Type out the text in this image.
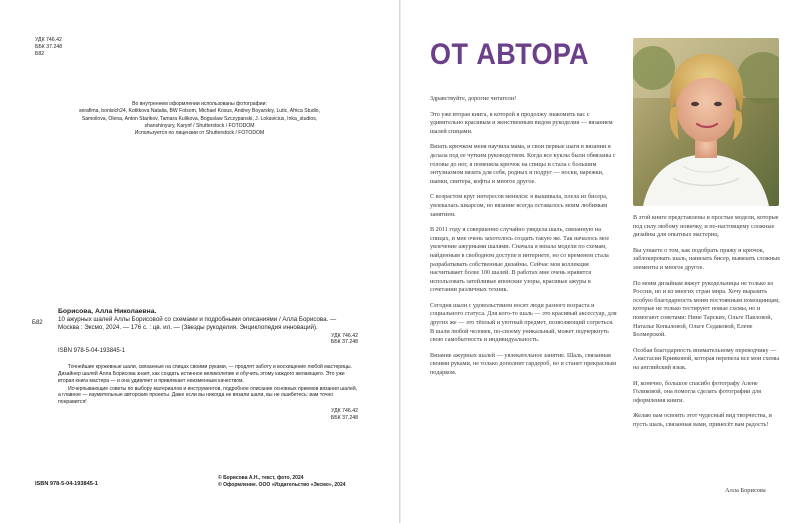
УДК 746.42
ББК 37.248
Б82
Во внутреннем оформлении использованы фотографии:
serafima, bonisich24, Kotitkova Natalia, BW Folsom, Michael Kosus, Andrey Boyarskiy, Lutic, Africa Studio,
Samoilova, Olena, Anton Starikov, Tamara Kulikova, Boguslaw Szczypanski, J. Lokavicius, Inka_studios,
shanshinyury, Karynf / Shutterstock / FOTODOM
Используется по лицензии от Shutterstock / FOTODOM
Б82
Борисова, Алла Николаевна.
10 ажурных шалей Аллы Борисовой со схемами и подробными описаниями / Алла Борисова. — Москва : Эксмо, 2024. — 176 с. : цв. ил. — (Звезды рукоделия. Энциклопедия инноваций).
УДК 746.42
ББК 37.248
ISBN 978-5-04-193845-1
Точнейшие кружевные шали, связанные на спицах своими руками, — продлят заботу и восхищение любой мастерицы. Дизайнер шалей Алла Борисова знает, как создать истинное великолепие и обучить этому каждого желающего. Это уже вторая книга мастера — и она удивляет и привлекает неизменным качеством.
Исчерпывающие советы по выбору материалов и инструментов, подробное описание основных приемов вязания шалей, а главное — изумительные авторские проекты. Даже если вы никогда не вязали шали, вы не ошибетесь: вам точно понравится!
УДК 746.42
ББК 37.248
ISBN 978-5-04-193845-1
© Борисова А.Н., текст, фото, 2024
© Оформление. ООО «Издательство «Эксмо», 2024
ОТ АВТОРА
Здравствуйте, дорогие читатели!
Это уже вторая книга, в которой я продолжу знакомить вас с удивительно красивым и женственным видом рукоделия — вязанием шалей спицами.
Вязать крючком меня научила мама, и свои первые шаги в вязании я делала под ее чутким руководством. Когда все куклы были обвязаны с головы до ног, я поменяла крючок на спицы и стала с большим энтузиазмом вязать для себя, родных и подруг — носки, варежки, шапки, свитера, кофты и многое другое.
С возрастом круг интересов менялся: я вышивала, плела из бисера, увлекалась шкарсом, но вязание всегда оставалось моим любимым занятием.
В 2011 году я совершенно случайно увидела шаль, связанную на спицах, и мне очень захотелось создать такую же. Так началось мое увлечение ажурными шалями. Сначала я вязала модели по схемам, найденным в свободном доступе в интернете, но со временем стала разрабатывать собственные дизайны. Сейчас моя коллекция насчитывает более 100 шалей. В работах мне очень нравится использовать затейливые японские узоры, красивые ажуры в сочетании различных техник.
Сегодня шали с удовольствием носят люди разного возраста и социального статуса. Для кого-то шаль — это красивый аксессуар, для других же — это тёплый и уютный предмет, позволяющий согреться. В шали любой человек, по-своему уникальный, может подчеркнуть свою самобытность и индивидуальность.
Вязание ажурных шалей — увлекательное занятие. Шаль, связанная своими руками, не только дополнит гардероб, но и станет прекрасным подарком.
В этой книге представлены и простые модели, которые под силу любому новичку, и по-настоящему сложные дизайны для опытных мастериц.
Вы узнаете о том, как подобрать пряжу и крючок, заблокировать шаль, нанизать бисер, вывязать сложные элементы и многое другое.
По моим дизайнам вяжут рукодельницы не только из России, но и из многих стран мира. Хочу выразить особую благодарность моим постоянным помощницам, которые не только тестируют новые схемы, но и помогают советами: Нине Тарских, Ольге Павловой, Наталье Копыловой, Ольге Седаковой, Елене Болмерской.
Особая благодарность внимательному переводчику — Анастасии Кривковой, которая перевела все мои схемы на английский язык.
И, конечно, большое спасибо фотографу Алене Голиковой, она помогла сделать фотографии для оформления книги.
Желаю вам освоить этот чудесный вид творчества, и пусть шаль, связанная вами, принесёт вам радость!
Алла Борисова
